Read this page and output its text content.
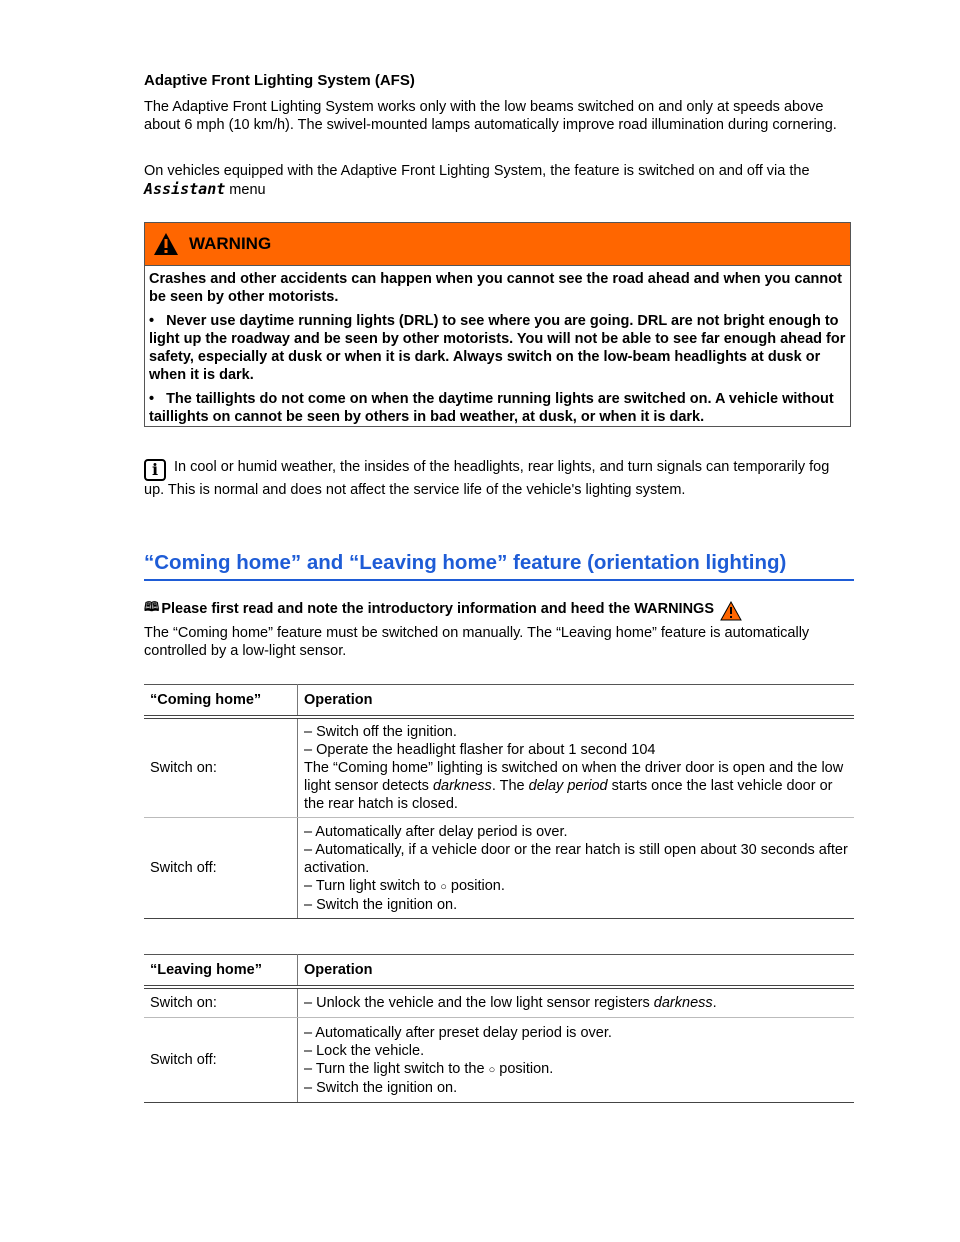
Adaptive Front Lighting System (AFS)

The Adaptive Front Lighting System works only with the low beams switched on and only at speeds above about 6 mph (10 km/h). The swivel-mounted lamps automatically improve road illumination during cornering.

On vehicles equipped with the Adaptive Front Lighting System, the feature is switched on and off via the Assistant menu

WARNING

Crashes and other accidents can happen when you cannot see the road ahead and when you cannot be seen by other motorists.

• Never use daytime running lights (DRL) to see where you are going. DRL are not bright enough to light up the roadway and be seen by other motorists. You will not be able to see far enough ahead for safety, especially at dusk or when it is dark. Always switch on the low-beam headlights at dusk or when it is dark.

• The taillights do not come on when the daytime running lights are switched on. A vehicle without taillights on cannot be seen by others in bad weather, at dusk, or when it is dark.

i In cool or humid weather, the insides of the headlights, rear lights, and turn signals can temporarily fog up. This is normal and does not affect the service life of the vehicle's lighting system.

“Coming home” and “Leaving home” feature (orientation lighting)
🕮 Please first read and note the introductory information and heed the WARNINGS

The “Coming home” feature must be switched on manually. The “Leaving home” feature is automatically controlled by a low-light sensor.

“Coming home”	Operation
Switch on:	– Switch off the ignition.
– Operate the headlight flasher for about 1 second 104
The “Coming home” lighting is switched on when the driver door is open and the low light sensor detects darkness. The delay period starts once the last vehicle door or the rear hatch is closed.

Switch off:	– Automatically after delay period is over.
– Automatically, if a vehicle door or the rear hatch is still open about 30 seconds after activation.
– Turn light switch to ○ position.
– Switch the ignition on.
“Leaving home”	Operation
Switch on:	– Unlock the vehicle and the low light sensor registers darkness.
Switch off:	– Automatically after preset delay period is over.
– Lock the vehicle.
– Turn the light switch to the ○ position.
– Switch the ignition on.
